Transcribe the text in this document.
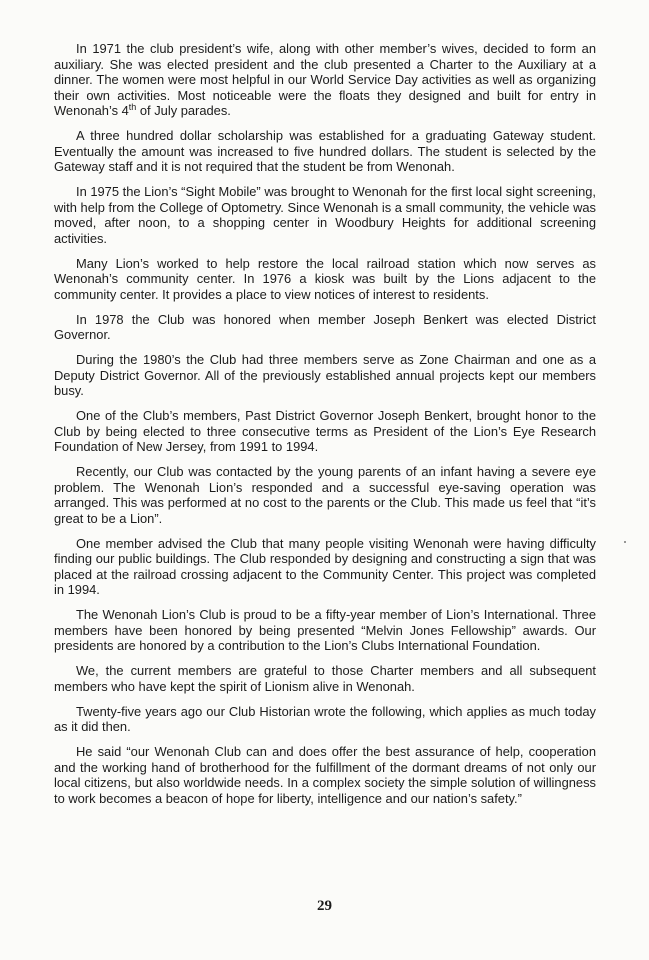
In 1971 the club president’s wife, along with other member’s wives, decided to form an auxiliary. She was elected president and the club presented a Charter to the Auxiliary at a dinner. The women were most helpful in our World Service Day activities as well as organizing their own activities. Most noticeable were the floats they designed and built for entry in Wenonah’s 4th of July parades.

A three hundred dollar scholarship was established for a graduating Gateway student. Eventually the amount was increased to five hundred dollars. The student is selected by the Gateway staff and it is not required that the student be from Wenonah.

In 1975 the Lion’s “Sight Mobile” was brought to Wenonah for the first local sight screening, with help from the College of Optometry. Since Wenonah is a small community, the vehicle was moved, after noon, to a shopping center in Woodbury Heights for additional screening activities.

Many Lion’s worked to help restore the local railroad station which now serves as Wenonah’s community center. In 1976 a kiosk was built by the Lions adjacent to the community center. It provides a place to view notices of interest to residents.

In 1978 the Club was honored when member Joseph Benkert was elected District Governor.

During the 1980’s the Club had three members serve as Zone Chairman and one as a Deputy District Governor. All of the previously established annual projects kept our members busy.

One of the Club’s members, Past District Governor Joseph Benkert, brought honor to the Club by being elected to three consecutive terms as President of the Lion’s Eye Research Foundation of New Jersey, from 1991 to 1994.

Recently, our Club was contacted by the young parents of an infant having a severe eye problem. The Wenonah Lion’s responded and a successful eye-saving operation was arranged. This was performed at no cost to the parents or the Club. This made us feel that “it’s great to be a Lion”.

One member advised the Club that many people visiting Wenonah were having difficulty finding our public buildings. The Club responded by designing and constructing a sign that was placed at the railroad crossing adjacent to the Community Center. This project was completed in 1994.

The Wenonah Lion’s Club is proud to be a fifty-year member of Lion’s International. Three members have been honored by being presented “Melvin Jones Fellowship” awards. Our presidents are honored by a contribution to the Lion’s Clubs International Foundation.

We, the current members are grateful to those Charter members and all subsequent members who have kept the spirit of Lionism alive in Wenonah.

Twenty-five years ago our Club Historian wrote the following, which applies as much today as it did then.

He said “our Wenonah Club can and does offer the best assurance of help, cooperation and the working hand of brotherhood for the fulfillment of the dormant dreams of not only our local citizens, but also worldwide needs. In a complex society the simple solution of willingness to work becomes a beacon of hope for liberty, intelligence and our nation’s safety.”

29
